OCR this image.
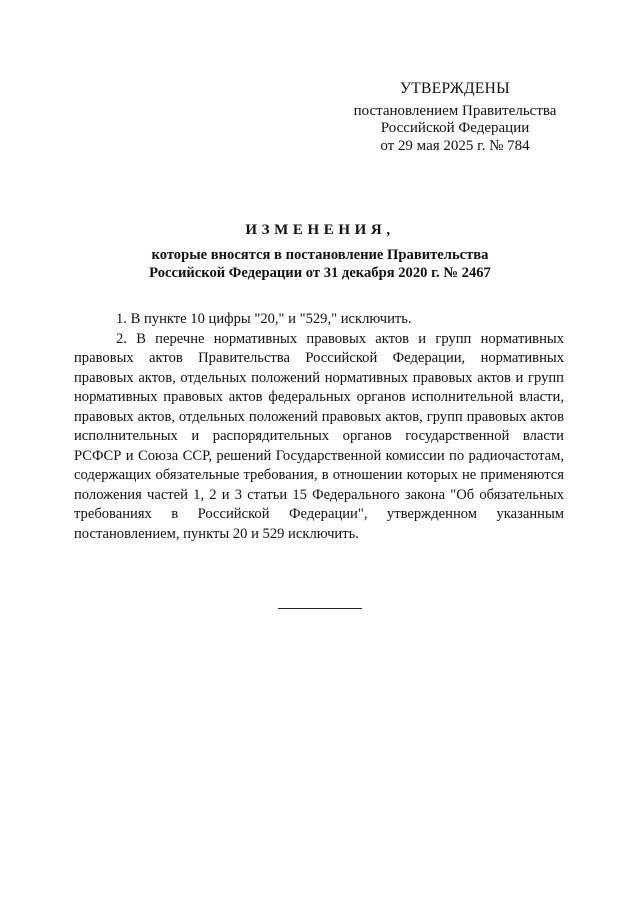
УТВЕРЖДЕНЫ
постановлением Правительства
Российской Федерации
от 29 мая 2025 г. № 784
ИЗМЕНЕНИЯ,
которые вносятся в постановление Правительства
Российской Федерации от 31 декабря 2020 г. № 2467

1. В пункте 10 цифры "20," и "529," исключить.

2. В перечне нормативных правовых актов и групп нормативных правовых актов Правительства Российской Федерации, нормативных правовых актов, отдельных положений нормативных правовых актов и групп нормативных правовых актов федеральных органов исполнительной власти, правовых актов, отдельных положений правовых актов, групп правовых актов исполнительных и распорядительных органов государственной власти РСФСР и Союза ССР, решений Государственной комиссии по радиочастотам, содержащих обязательные требования, в отношении которых не применяются положения частей 1, 2 и 3 статьи 15 Федерального закона "Об обязательных требованиях в Российской Федерации", утвержденном указанным постановлением, пункты 20 и 529 исключить.
